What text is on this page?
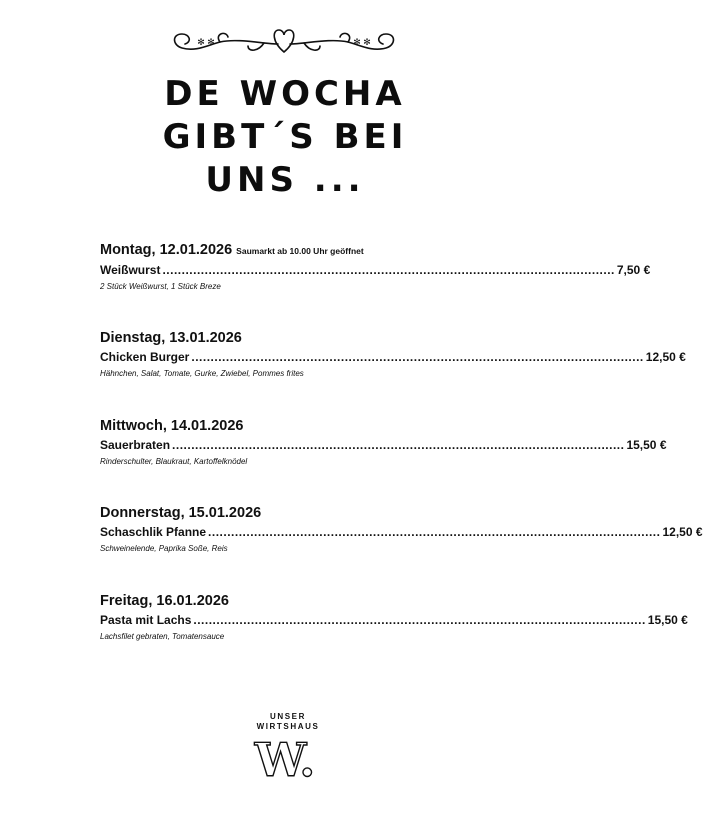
✻ ✻	✻ ✻
DE WOCHA
GIBT´S BEI
UNS ...
Montag, 12.01.2026 Saumarkt ab 10.00 Uhr geöffnet
Weißwurst ...................................................................................................................... 7,50 €
2 Stück Weißwurst, 1 Stück Breze
Dienstag, 13.01.2026
Chicken Burger ...................................................................................................................... 12,50 €
Hähnchen, Salat, Tomate, Gurke, Zwiebel, Pommes frites
Mittwoch, 14.01.2026
Sauerbraten ...................................................................................................................... 15,50 €
Rinderschulter, Blaukraut, Kartoffelknödel
Donnerstag, 15.01.2026
Schaschlik Pfanne ...................................................................................................................... 12,50 €
Schweinelende, Paprika Soße, Reis
Freitag, 16.01.2026
Pasta mit Lachs ...................................................................................................................... 15,50 €
Lachsfilet gebraten, Tomatensauce
UNSER
WIRTSHAUS
W.
